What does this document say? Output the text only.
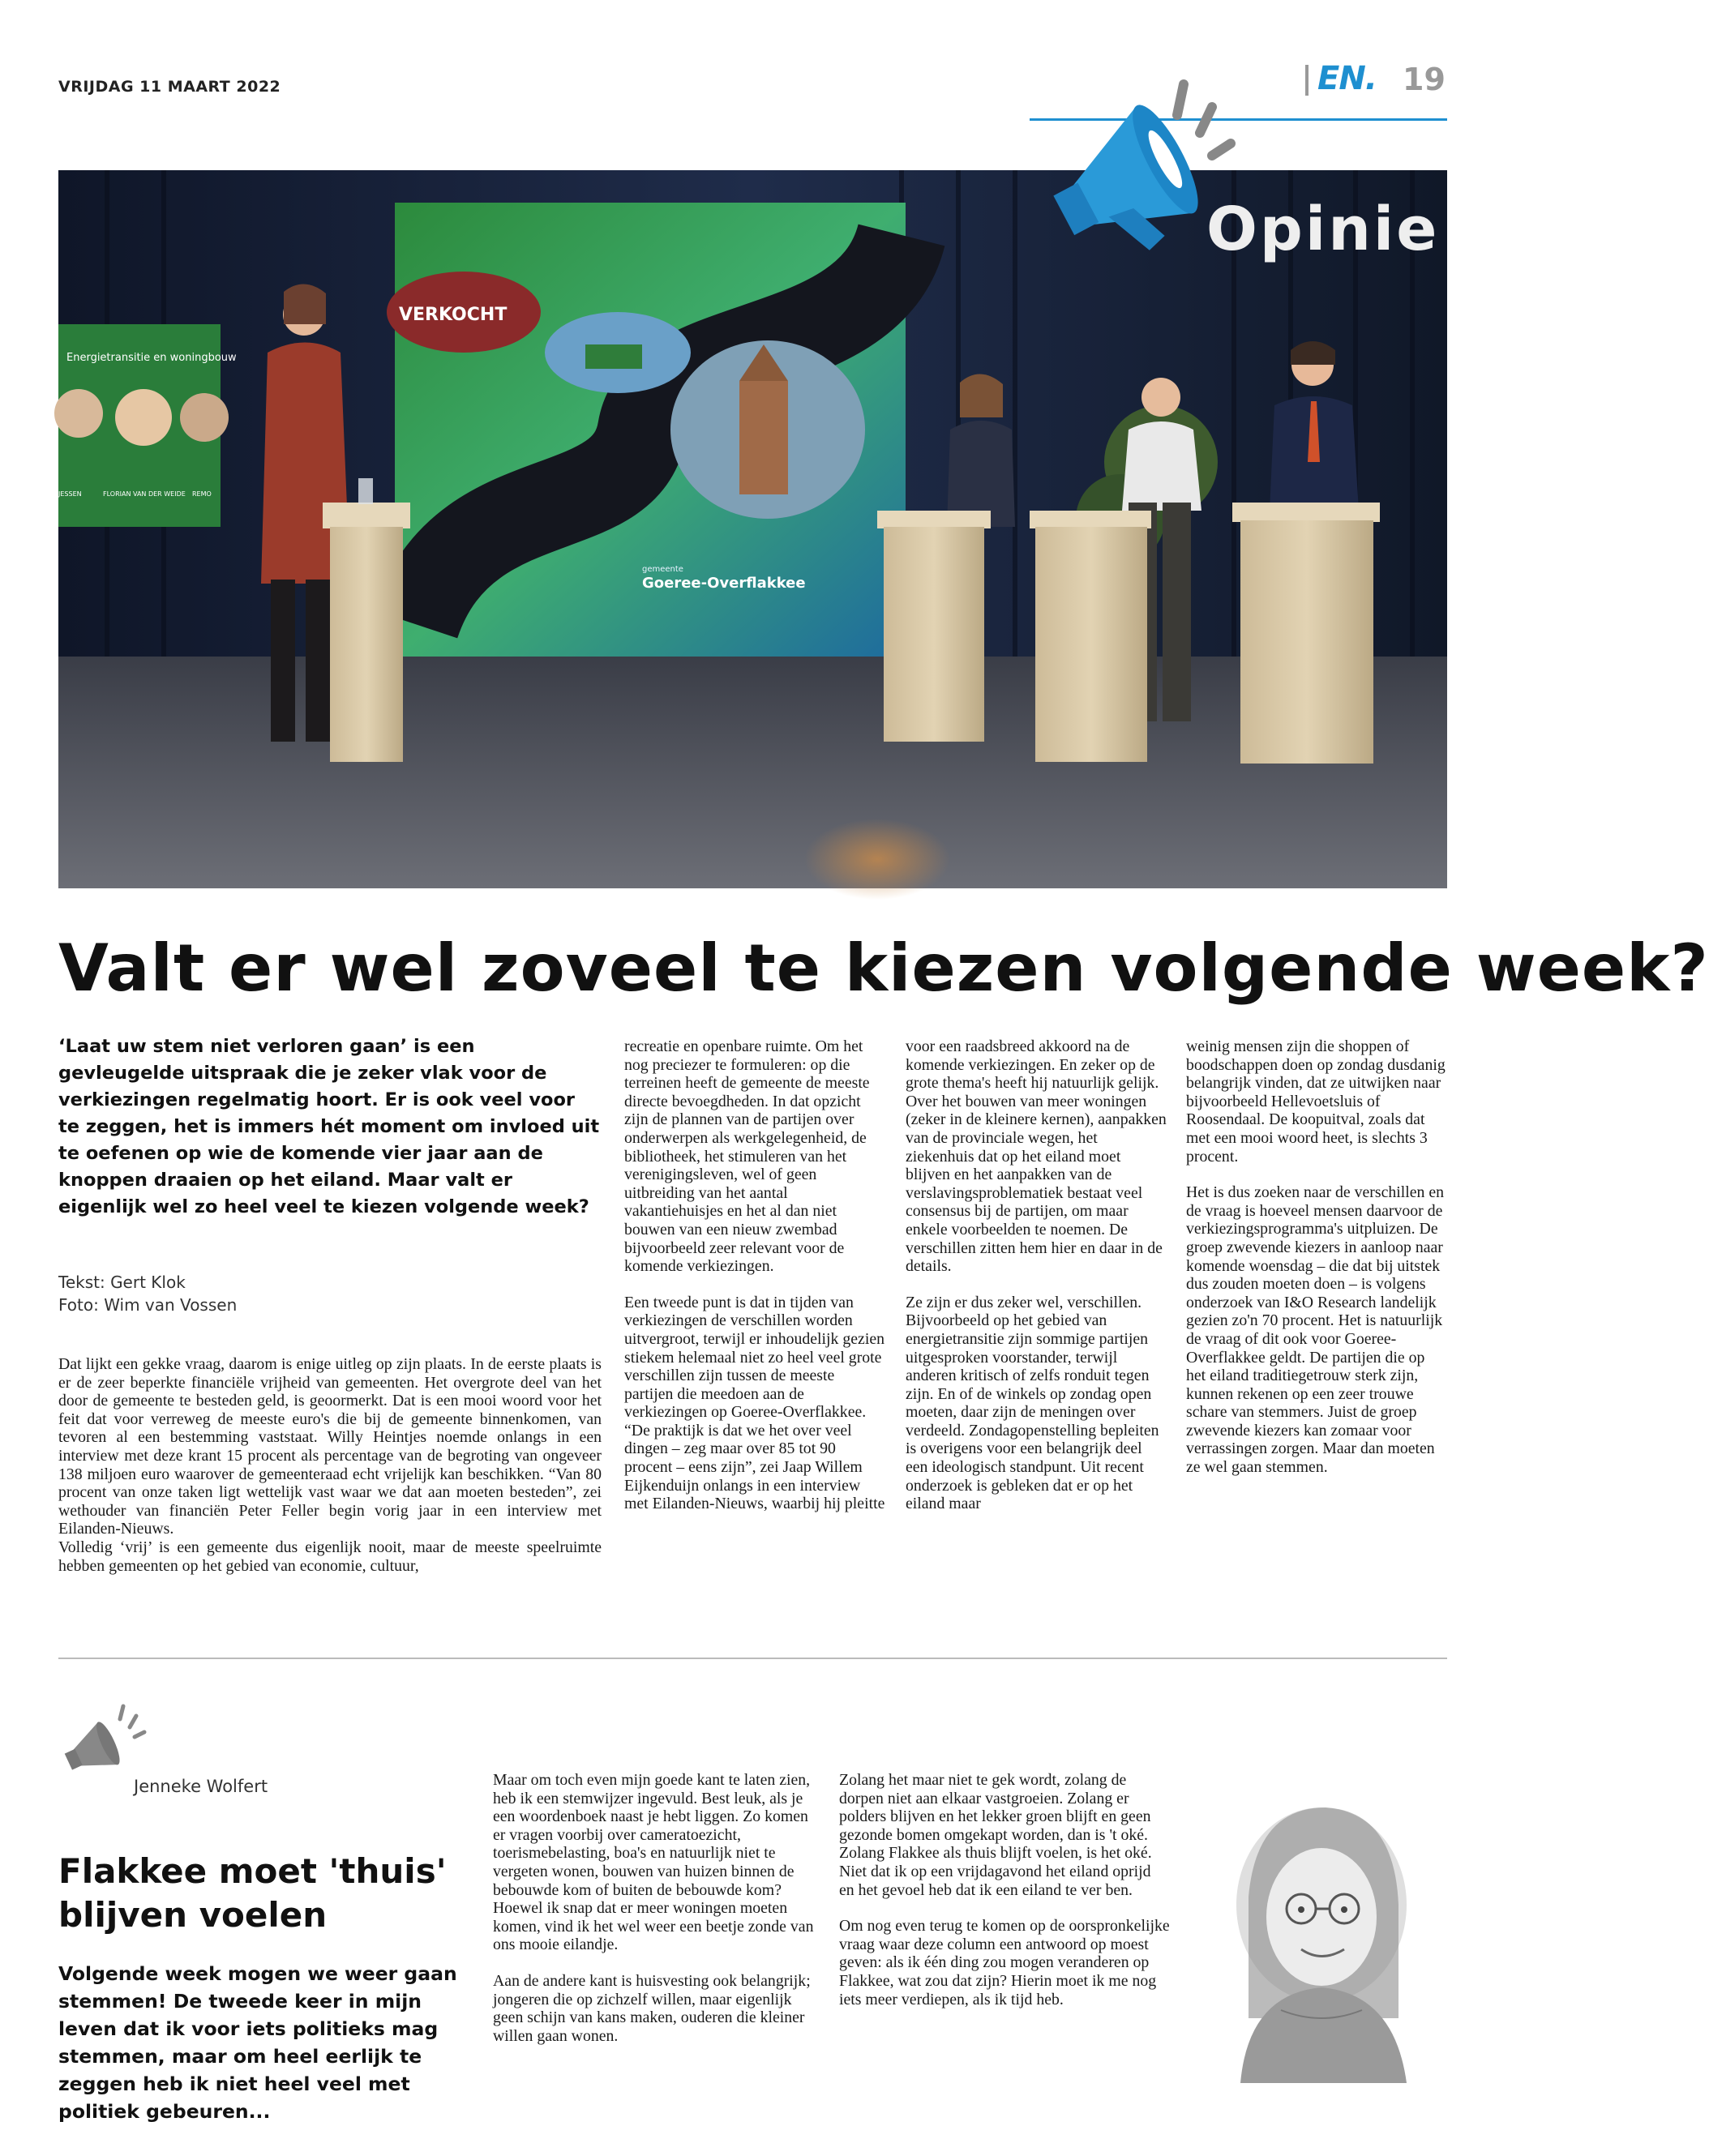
VRIJDAG 11 MAART 2022	EN. 19
Energietransitie en woningbouw
JESSEN	FLORIAN VAN DER WEIDE REMO
VERKOCHT
gemeente
Goeree-Overflakkee
Opinie
Valt er wel zoveel te kiezen volgende week?
‘Laat uw stem niet verloren gaan’ is een gevleugelde uitspraak die je zeker vlak voor de verkiezingen regelmatig hoort. Er is ook veel voor te zeggen, het is immers hét moment om invloed uit te oefenen op wie de komende vier jaar aan de knoppen draaien op het eiland. Maar valt er eigenlijk wel zo heel veel te kiezen volgende week?
Tekst: Gert Klok
Foto: Wim van Vossen

Dat lijkt een gekke vraag, daarom is enige uitleg op zijn plaats. In de eerste plaats is er de zeer beperkte financiële vrijheid van gemeenten. Het overgrote deel van het door de gemeente te besteden geld, is geoormerkt. Dat is een mooi woord voor het feit dat voor verreweg de meeste euro's die bij de gemeente binnenkomen, van tevoren al een bestemming vaststaat. Willy Heintjes noemde onlangs in een interview met deze krant 15 procent als percentage van de begroting van ongeveer 138 miljoen euro waarover de gemeenteraad echt vrijelijk kan beschikken. “Van 80 procent van onze taken ligt wettelijk vast waar we dat aan moeten besteden”, zei wethouder van financiën Peter Feller begin vorig jaar in een interview met Eilanden-Nieuws.

Volledig ‘vrij’ is een gemeente dus eigenlijk nooit, maar de meeste speelruimte hebben gemeenten op het gebied van economie, cultuur,

recreatie en openbare ruimte. Om het nog preciezer te formuleren: op die terreinen heeft de gemeente de meeste directe bevoegdheden. In dat opzicht zijn de plannen van de partijen over onderwerpen als werkgelegenheid, de bibliotheek, het stimuleren van het verenigingsleven, wel of geen uitbreiding van het aantal vakantiehuisjes en het al dan niet bouwen van een nieuw zwembad bijvoorbeeld zeer relevant voor de komende verkiezingen.

Een tweede punt is dat in tijden van verkiezingen de verschillen worden uitvergroot, terwijl er inhoudelijk gezien stiekem helemaal niet zo heel veel grote verschillen zijn tussen de meeste partijen die meedoen aan de verkiezingen op Goeree-Overflakkee. “De praktijk is dat we het over veel dingen – zeg maar over 85 tot 90 procent – eens zijn”, zei Jaap Willem Eijkenduijn onlangs in een interview met Eilanden-Nieuws, waarbij hij pleitte

voor een raadsbreed akkoord na de komende verkiezingen. En zeker op de grote thema's heeft hij natuurlijk gelijk. Over het bouwen van meer woningen (zeker in de kleinere kernen), aanpakken van de provinciale wegen, het ziekenhuis dat op het eiland moet blijven en het aanpakken van de verslavingsproblematiek bestaat veel consensus bij de partijen, om maar enkele voorbeelden te noemen. De verschillen zitten hem hier en daar in de details.

Ze zijn er dus zeker wel, verschillen. Bijvoorbeeld op het gebied van energietransitie zijn sommige partijen uitgesproken voorstander, terwijl anderen kritisch of zelfs ronduit tegen zijn. En of de winkels op zondag open moeten, daar zijn de meningen over verdeeld. Zondagopenstelling bepleiten is overigens voor een belangrijk deel een ideologisch standpunt. Uit recent onderzoek is gebleken dat er op het eiland maar

weinig mensen zijn die shoppen of boodschappen doen op zondag dusdanig belangrijk vinden, dat ze uitwijken naar bijvoorbeeld Hellevoetsluis of Roosendaal. De koopuitval, zoals dat met een mooi woord heet, is slechts 3 procent.

Het is dus zoeken naar de verschillen en de vraag is hoeveel mensen daarvoor de verkiezingsprogramma's uitpluizen. De groep zwevende kiezers in aanloop naar komende woensdag – die dat bij uitstek dus zouden moeten doen – is volgens onderzoek van I&O Research landelijk gezien zo'n 70 procent. Het is natuurlijk de vraag of dit ook voor Goeree-Overflakkee geldt. De partijen die op het eiland traditiegetrouw sterk zijn, kunnen rekenen op een zeer trouwe schare van stemmers. Juist de groep zwevende kiezers kan zomaar voor verrassingen zorgen. Maar dan moeten ze wel gaan stemmen.

Jenneke Wolfert
Flakkee moet 'thuis' blijven voelen
Volgende week mogen we weer gaan stemmen! De tweede keer in mijn leven dat ik voor iets politieks mag stemmen, maar om heel eerlijk te zeggen heb ik niet heel veel met politiek gebeuren...

Maar om toch even mijn goede kant te laten zien, heb ik een stemwijzer ingevuld. Best leuk, als je een woordenboek naast je hebt liggen. Zo komen er vragen voorbij over cameratoezicht, toerismebelasting, boa's en natuurlijk niet te vergeten wonen, bouwen van huizen binnen de bebouwde kom of buiten de bebouwde kom? Hoewel ik snap dat er meer woningen moeten komen, vind ik het wel weer een beetje zonde van ons mooie eilandje.

Aan de andere kant is huisvesting ook belangrijk; jongeren die op zichzelf willen, maar eigenlijk geen schijn van kans maken, ouderen die kleiner willen gaan wonen.

Zolang het maar niet te gek wordt, zolang de dorpen niet aan elkaar vastgroeien. Zolang er polders blijven en het lekker groen blijft en geen gezonde bomen omgekapt worden, dan is 't oké. Zolang Flakkee als thuis blijft voelen, is het oké. Niet dat ik op een vrijdagavond het eiland oprijd en het gevoel heb dat ik een eiland te ver ben.

Om nog even terug te komen op de oorspronkelijke vraag waar deze column een antwoord op moest geven: als ik één ding zou mogen veranderen op Flakkee, wat zou dat zijn? Hierin moet ik me nog iets meer verdiepen, als ik tijd heb.
